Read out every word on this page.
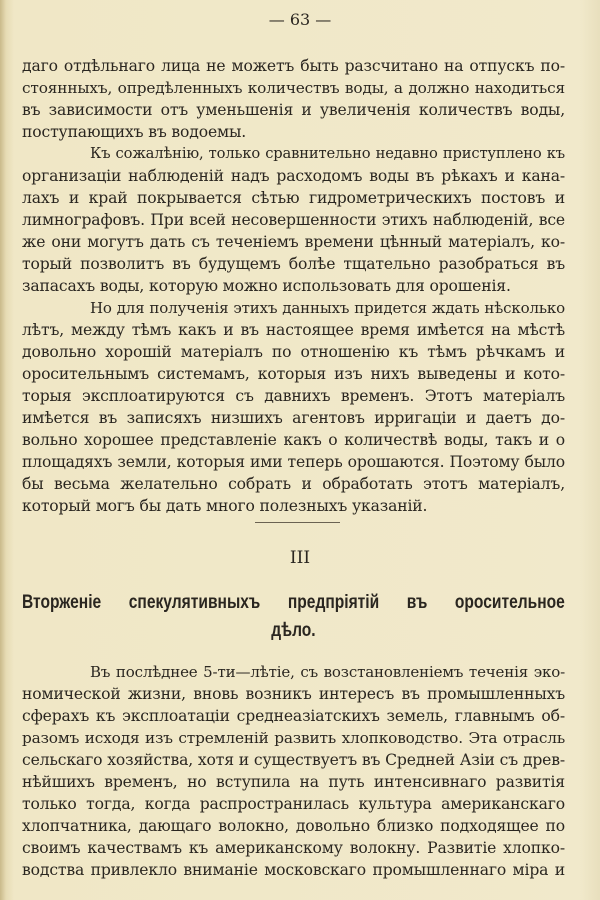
— 63 —
даго отдѣльнаго лица не можетъ быть разсчитано на отпускъ по-
стоянныхъ, опредѣленныхъ количествъ воды, а должно находиться
въ зависимости отъ уменьшенія и увеличенія количествъ воды,
поступающихъ въ водоемы.
Къ сожалѣнію, только сравнительно недавно приступлено къ
организаціи наблюденій надъ расходомъ воды въ рѣкахъ и кана-
лахъ и край покрывается сѣтью гидрометрическихъ постовъ и
лимнографовъ. При всей несовершенности этихъ наблюденій, все
же они могутъ дать съ теченіемъ времени цѣнный матеріалъ, ко-
торый позволитъ въ будущемъ болѣе тщательно разобраться въ
запасахъ воды, которую можно использовать для орошенія.
Но для полученія этихъ данныхъ придется ждать нѣсколько
лѣтъ, между тѣмъ какъ и въ настоящее время имѣется на мѣстѣ
довольно хорошій матеріалъ по отношенію къ тѣмъ рѣчкамъ и
оросительнымъ системамъ, которыя изъ нихъ выведены и кото-
торыя эксплоатируются съ давнихъ временъ. Этотъ матеріалъ
имѣется въ записяхъ низшихъ агентовъ ирригаціи и даетъ до-
вольно хорошее представленіе какъ о количествѣ воды, такъ и о
площадяхъ земли, которыя ими теперь орошаются. Поэтому было
бы весьма желательно собрать и обработать этотъ матеріалъ,
который могъ бы дать много полезныхъ указаній.
III
Вторженіе спекулятивныхъ предпріятій въ оросительное
дѣло.
Въ послѣднее 5-ти—лѣтіе, съ возстановленіемъ теченія эко-
номической жизни, вновь возникъ интересъ въ промышленныхъ
сферахъ къ эксплоатаціи среднеазіатскихъ земель, главнымъ об-
разомъ исходя изъ стремленій развить хлопководство. Эта отрасль
сельскаго хозяйства, хотя и существуетъ въ Средней Азіи съ древ-
нѣйшихъ временъ, но вступила на путь интенсивнаго развитія
только тогда, когда распространилась культура американскаго
хлопчатника, дающаго волокно, довольно близко подходящее по
своимъ качествамъ къ американскому волокну. Развитіе хлопко-
водства привлекло вниманіе московскаго промышленнаго міра и
